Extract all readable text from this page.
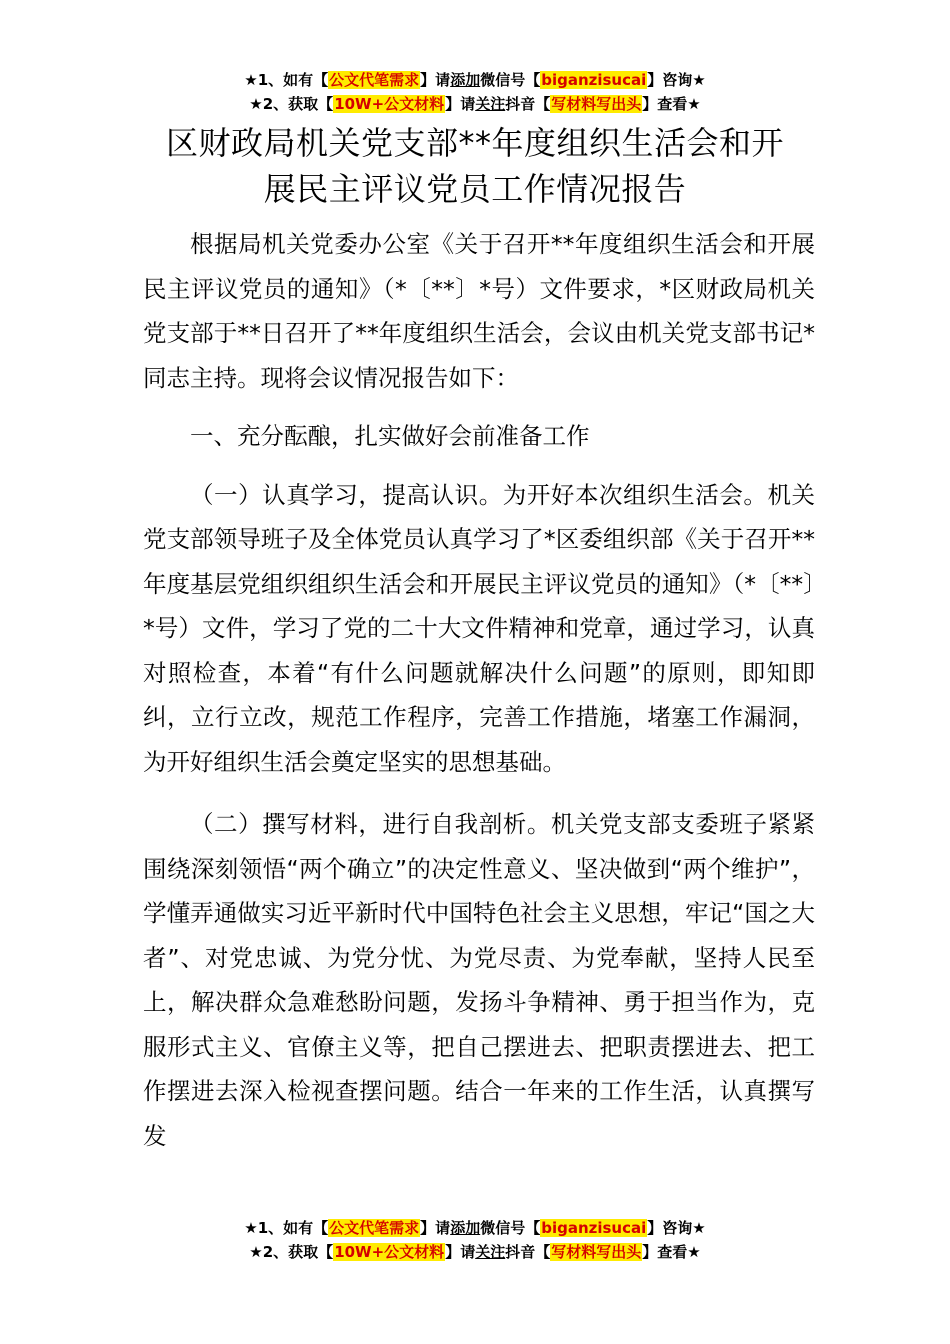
★1、如有【公文代笔需求】请添加微信号【biganzisucai】咨询★
★2、获取【10W+公文材料】请关注抖音【写材料写出头】查看★
区财政局机关党支部**年度组织生活会和开
展民主评议党员工作情况报告

根据局机关党委办公室《关于召开**年度组织生活会和开展民主评议党员的通知》（*〔**〕*号）文件要求，*区财政局机关党支部于**日召开了**年度组织生活会，会议由机关党支部书记*同志主持。现将会议情况报告如下：

一、充分酝酿，扎实做好会前准备工作

（一）认真学习，提高认识。为开好本次组织生活会。机关党支部领导班子及全体党员认真学习了*区委组织部《关于召开**年度基层党组织组织生活会和开展民主评议党员的通知》（*〔**〕*号）文件，学习了党的二十大文件精神和党章，通过学习，认真对照检查，本着“有什么问题就解决什么问题”的原则，即知即纠，立行立改，规范工作程序，完善工作措施，堵塞工作漏洞，为开好组织生活会奠定坚实的思想基础。

（二）撰写材料，进行自我剖析。机关党支部支委班子紧紧围绕深刻领悟“两个确立”的决定性意义、坚决做到“两个维护”，学懂弄通做实习近平新时代中国特色社会主义思想，牢记“国之大者”、对党忠诚、为党分忧、为党尽责、为党奉献，坚持人民至上，解决群众急难愁盼问题，发扬斗争精神、勇于担当作为，克服形式主义、官僚主义等，把自己摆进去、把职责摆进去、把工作摆进去深入检视查摆问题。结合一年来的工作生活，认真撰写发

★1、如有【公文代笔需求】请添加微信号【biganzisucai】咨询★
★2、获取【10W+公文材料】请关注抖音【写材料写出头】查看★
